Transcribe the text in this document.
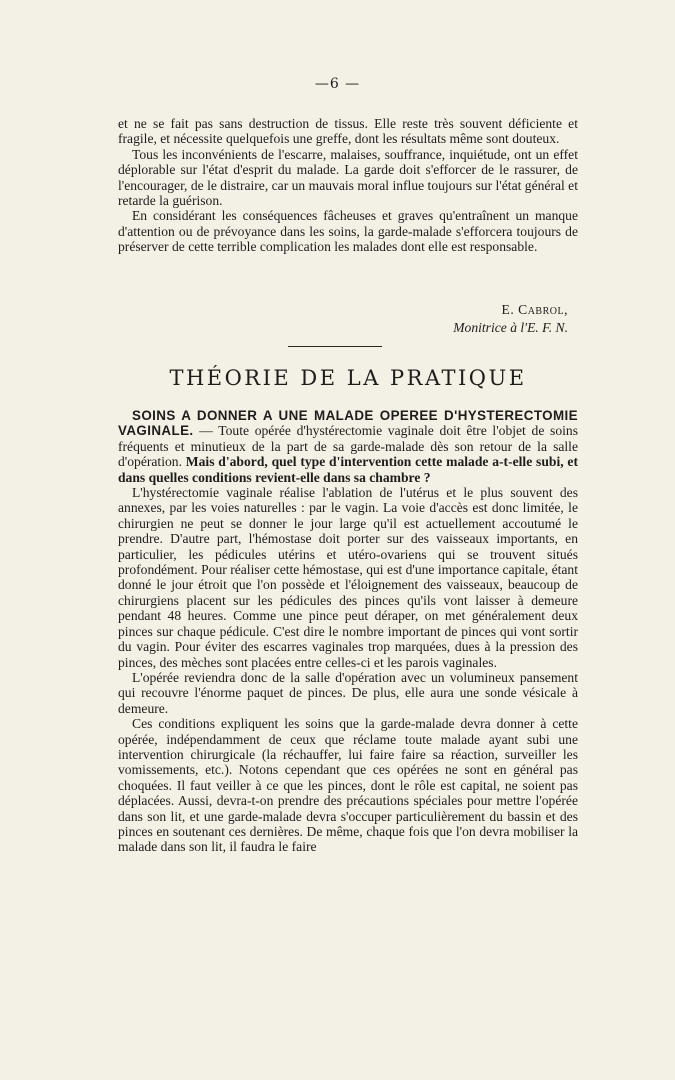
—6 —

et ne se fait pas sans destruction de tissus. Elle reste très souvent déficiente et fragile, et nécessite quelquefois une greffe, dont les résultats même sont douteux.

Tous les inconvénients de l'escarre, malaises, souffrance, inquiétude, ont un effet déplorable sur l'état d'esprit du malade. La garde doit s'efforcer de le rassurer, de l'encourager, de le distraire, car un mauvais moral influe toujours sur l'état général et retarde la guérison.

En considérant les conséquences fâcheuses et graves qu'entraînent un manque d'attention ou de prévoyance dans les soins, la garde-malade s'efforcera toujours de préserver de cette terrible complication les malades dont elle est responsable.

E. Cabrol,
Monitrice à l'E. F. N.
THÉORIE DE LA PRATIQUE

SOINS A DONNER A UNE MALADE OPEREE D'HYSTERECTOMIE VAGINALE. — Toute opérée d'hystérectomie vaginale doit être l'objet de soins fréquents et minutieux de la part de sa garde-malade dès son retour de la salle d'opération. Mais d'abord, quel type d'intervention cette malade a-t-elle subi, et dans quelles conditions revient-elle dans sa chambre ?

L'hystérectomie vaginale réalise l'ablation de l'utérus et le plus souvent des annexes, par les voies naturelles : par le vagin. La voie d'accès est donc limitée, le chirurgien ne peut se donner le jour large qu'il est actuellement accoutumé le prendre. D'autre part, l'hémostase doit porter sur des vaisseaux importants, en particulier, les pédicules utérins et utéro-ovariens qui se trouvent situés profondément. Pour réaliser cette hémostase, qui est d'une importance capitale, étant donné le jour étroit que l'on possède et l'éloignement des vaisseaux, beaucoup de chirurgiens placent sur les pédicules des pinces qu'ils vont laisser à demeure pendant 48 heures. Comme une pince peut déraper, on met généralement deux pinces sur chaque pédicule. C'est dire le nombre important de pinces qui vont sortir du vagin. Pour éviter des escarres vaginales trop marquées, dues à la pression des pinces, des mèches sont placées entre celles-ci et les parois vaginales.

L'opérée reviendra donc de la salle d'opération avec un volumineux pansement qui recouvre l'énorme paquet de pinces. De plus, elle aura une sonde vésicale à demeure.

Ces conditions expliquent les soins que la garde-malade devra donner à cette opérée, indépendamment de ceux que réclame toute malade ayant subi une intervention chirurgicale (la réchauffer, lui faire faire sa réaction, surveiller les vomissements, etc.). Notons cependant que ces opérées ne sont en général pas choquées. Il faut veiller à ce que les pinces, dont le rôle est capital, ne soient pas déplacées. Aussi, devra-t-on prendre des précautions spéciales pour mettre l'opérée dans son lit, et une garde-malade devra s'occuper particulièrement du bassin et des pinces en soutenant ces dernières. De même, chaque fois que l'on devra mobiliser la malade dans son lit, il faudra le faire
